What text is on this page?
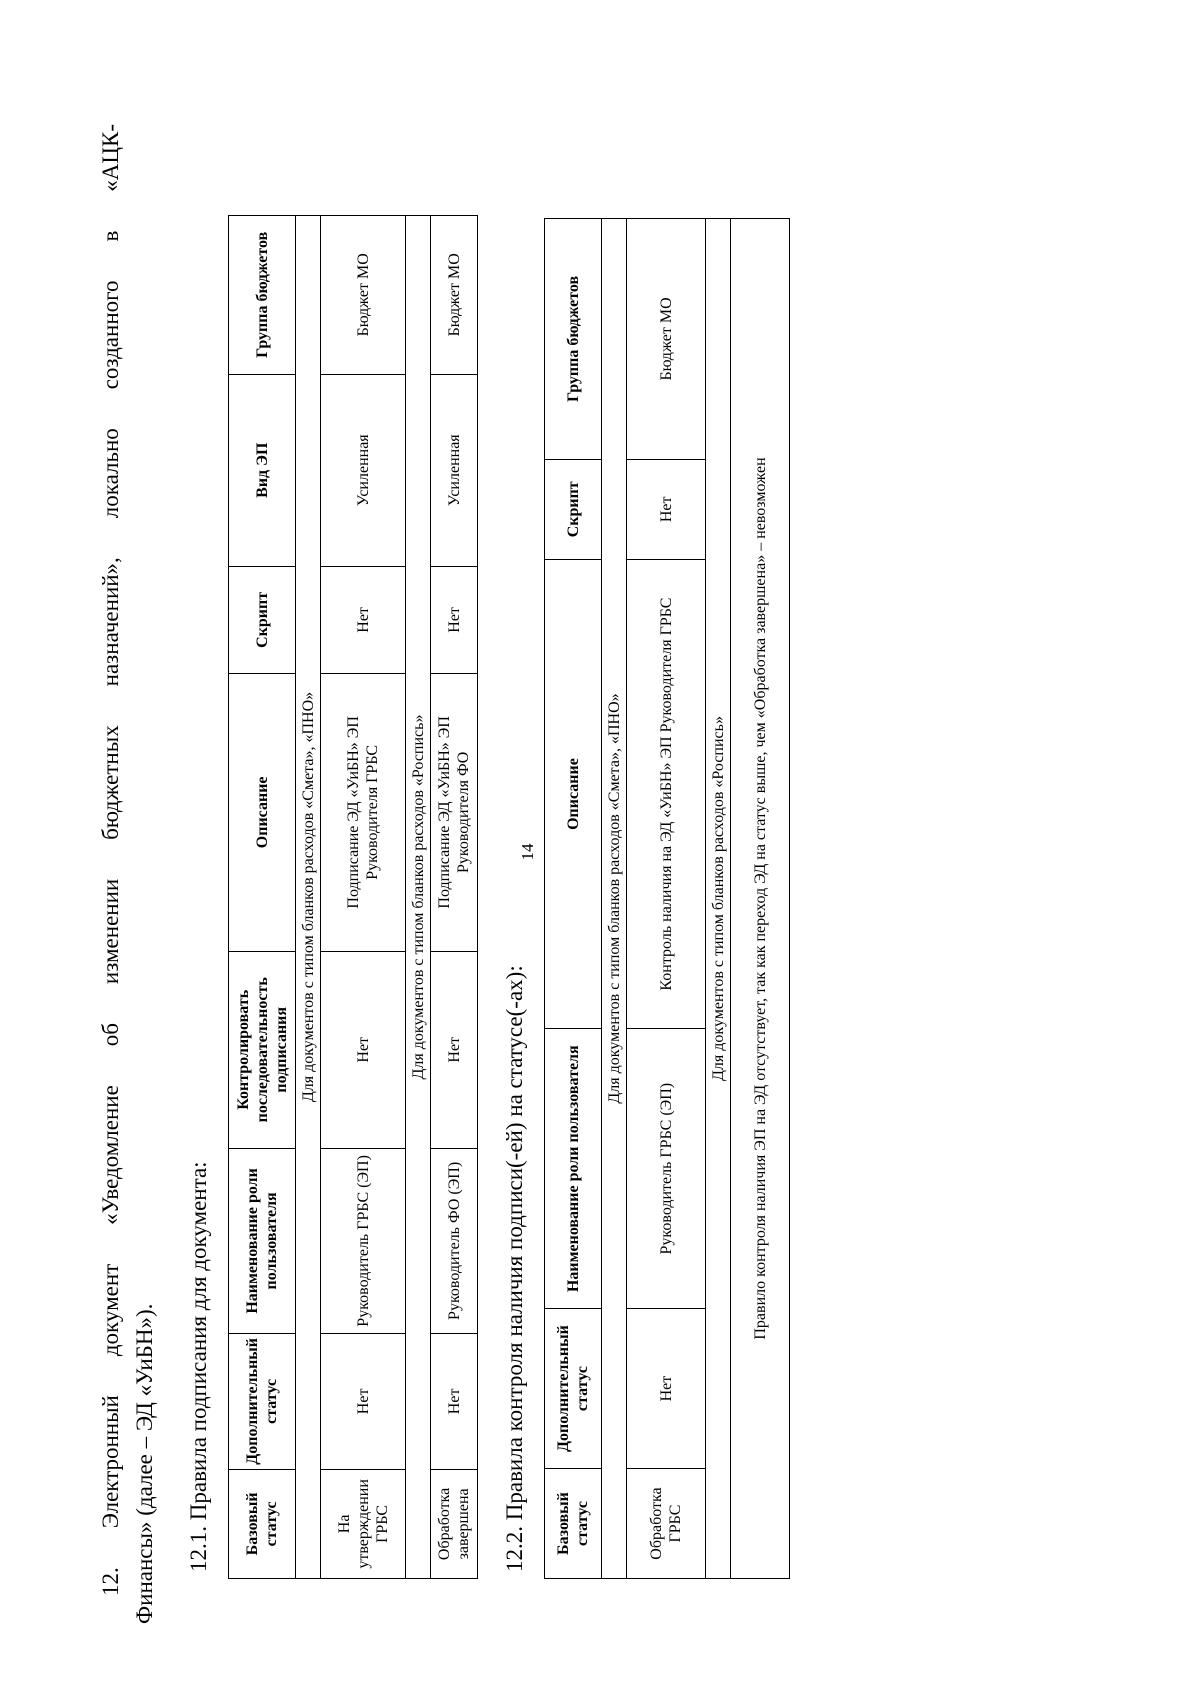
14
12. Электронный документ «Уведомление об изменении бюджетных назначений», локально созданного в «АЦК- Финансы» (далее – ЭД «УиБН»). 12.1. Правила подписания для документа: Базовый статус	Дополнительный статус	Наименование роли пользователя	Контролировать последовательность подписания	Описание	Скрипт	Вид ЭП	Группа бюджетов
Для документов с типом бланков расходов «Смета», «ПНО»							
На утверждении ГРБС	Нет	Руководитель ГРБС (ЭП)	Нет	Подписание ЭД «УиБН» ЭП Руководителя ГРБС	Нет	Усиленная	Бюджет МО
Для документов с типом бланков расходов «Роспись»							
Обработка завершена	Нет	Руководитель ФО (ЭП)	Нет	Подписание ЭД «УиБН» ЭП Руководителя ФО	Нет	Усиленная	Бюджет МО
12.2. Правила контроля наличия подписи(-ей) на статусе(-ах): Базовый статус	Дополнительный статус	Наименование роли пользователя	Описание	Скрипт	Группа бюджетов
Для документов с типом бланков расходов «Смета», «ПНО»					
Обработка ГРБС	Нет	Руководитель ГРБС (ЭП)	Контроль наличия на ЭД «УиБН» ЭП Руководителя ГРБС	Нет	Бюджет МО
Для документов с типом бланков расходов «Роспись»					
Правило контроля наличия ЭП на ЭД отсутствует, так как переход ЭД на статус выше, чем «Обработка завершена» – невозможен					
